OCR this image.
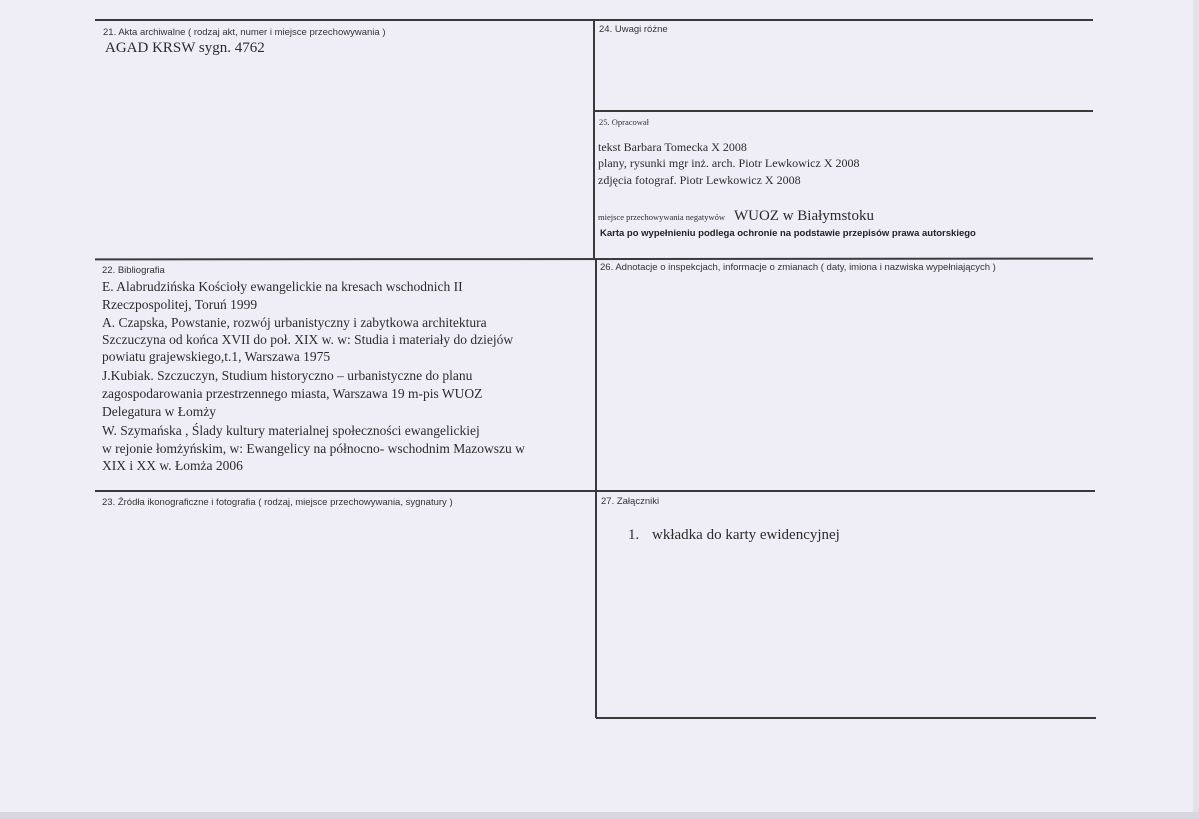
21. Akta archiwalne ( rodzaj akt, numer i miejsce przechowywania )
AGAD KRSW sygn. 4762
24. Uwagi różne
25. Opracował
tekst Barbara Tomecka X 2008
plany, rysunki mgr inż. arch. Piotr Lewkowicz X 2008
zdjęcia fotograf. Piotr Lewkowicz X 2008
miejsce przechowywania negatywów WUOZ w Białymstoku
Karta po wypełnieniu podlega ochronie na podstawie przepisów prawa autorskiego
22. Bibliografia
E. Alabrudzińska Kościoły ewangelickie na kresach wschodnich II
Rzeczpospolitej, Toruń 1999
A. Czapska, Powstanie, rozwój urbanistyczny i zabytkowa architektura
Szczuczyna od końca XVII do poł. XIX w. w: Studia i materiały do dziejów
powiatu grajewskiego,t.1, Warszawa 1975
J.Kubiak. Szczuczyn, Studium historyczno – urbanistyczne do planu
zagospodarowania przestrzennego miasta, Warszawa 19 m-pis WUOZ
Delegatura w Łomży
W. Szymańska , Ślady kultury materialnej społeczności ewangelickiej
w rejonie łomżyńskim, w: Ewangelicy na północno- wschodnim Mazowszu w
XIX i XX w. Łomża 2006
26. Adnotacje o inspekcjach, informacje o zmianach ( daty, imiona i nazwiska wypełniających )
23. Źródła ikonograficzne i fotografia ( rodzaj, miejsce przechowywania, sygnatury )	27. Załączniki
1. wkładka do karty ewidencyjnej
